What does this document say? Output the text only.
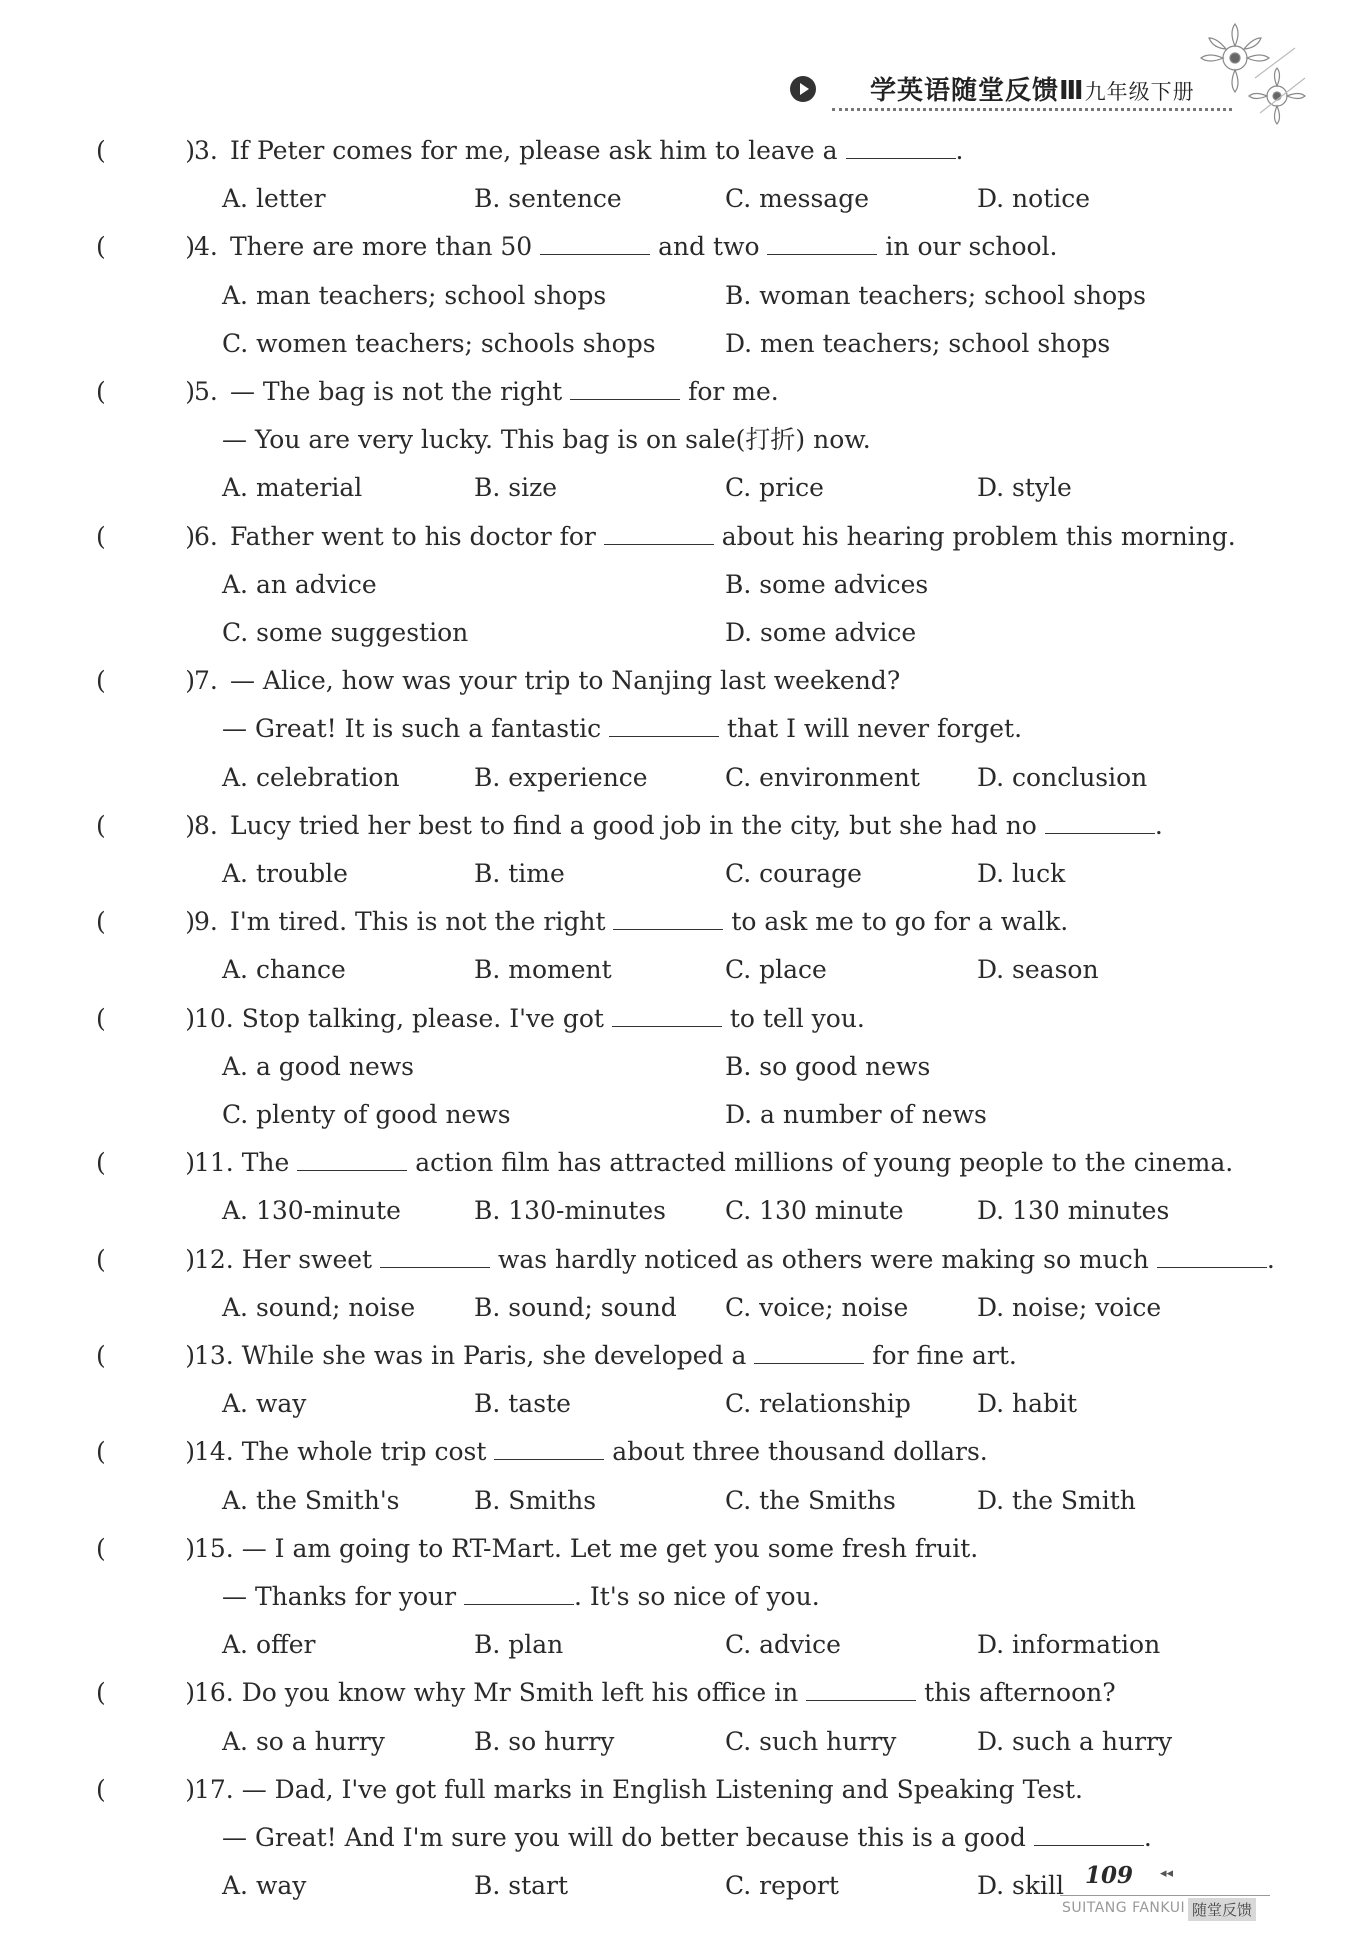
学英语随堂反馈Ⅲ九年级下册
(          )3. If Peter comes for me, please ask him to leave a	.
A. letter	B. sentence	C. message	D. notice
(          )4. There are more than 50	and two	in our school.
A. man teachers; school shops	B. woman teachers; school shops
C. women teachers; schools shops	D. men teachers; school shops
(          )5. — The bag is not the right	for me.
— You are very lucky. This bag is on sale(打折) now.
A. material	B. size	C. price	D. style
(          )6. Father went to his doctor for	about his hearing problem this morning.
A. an advice	B. some advices
C. some suggestion	D. some advice
(          )7. — Alice, how was your trip to Nanjing last weekend?
— Great! It is such a fantastic	that I will never forget.
A. celebration	B. experience	C. environment D. conclusion
(          )8. Lucy tried her best to find a good job in the city, but she had no	.
A. trouble	B. time	C. courage	D. luck
(          )9. I'm tired. This is not the right	to ask me to go for a walk.
A. chance	B. moment	C. place	D. season
(          )10. Stop talking, please. I've got	to tell you.
A. a good news	B. so good news
C. plenty of good news	D. a number of news
(          )11. The	action film has attracted millions of young people to the cinema.
A. 130-minute	B. 130-minutes C. 130 minute	D. 130 minutes
(          )12. Her sweet	was hardly noticed as others were making so much	.
A. sound; noise B. sound; sound C. voice; noise	D. noise; voice
(          )13. While she was in Paris, she developed a	for fine art.
A. way	B. taste	C. relationship	D. habit
(          )14. The whole trip cost	about three thousand dollars.
A. the Smith's	B. Smiths	C. the Smiths	D. the Smith
(          )15. — I am going to RT-Mart. Let me get you some fresh fruit.
— Thanks for your	. It's so nice of you.
A. offer	B. plan	C. advice	D. information
(          )16. Do you know why Mr Smith left his office in	this afternoon?
A. so a hurry	B. so hurry	C. such hurry	D. such a hurry
(          )17. — Dad, I've got full marks in English Listening and Speaking Test.
— Great! And I'm sure you will do better because this is a good	.
A. way	B. start	C. report	D. skill 109 ◂◂
SUITANG FANKUI 随堂反馈
